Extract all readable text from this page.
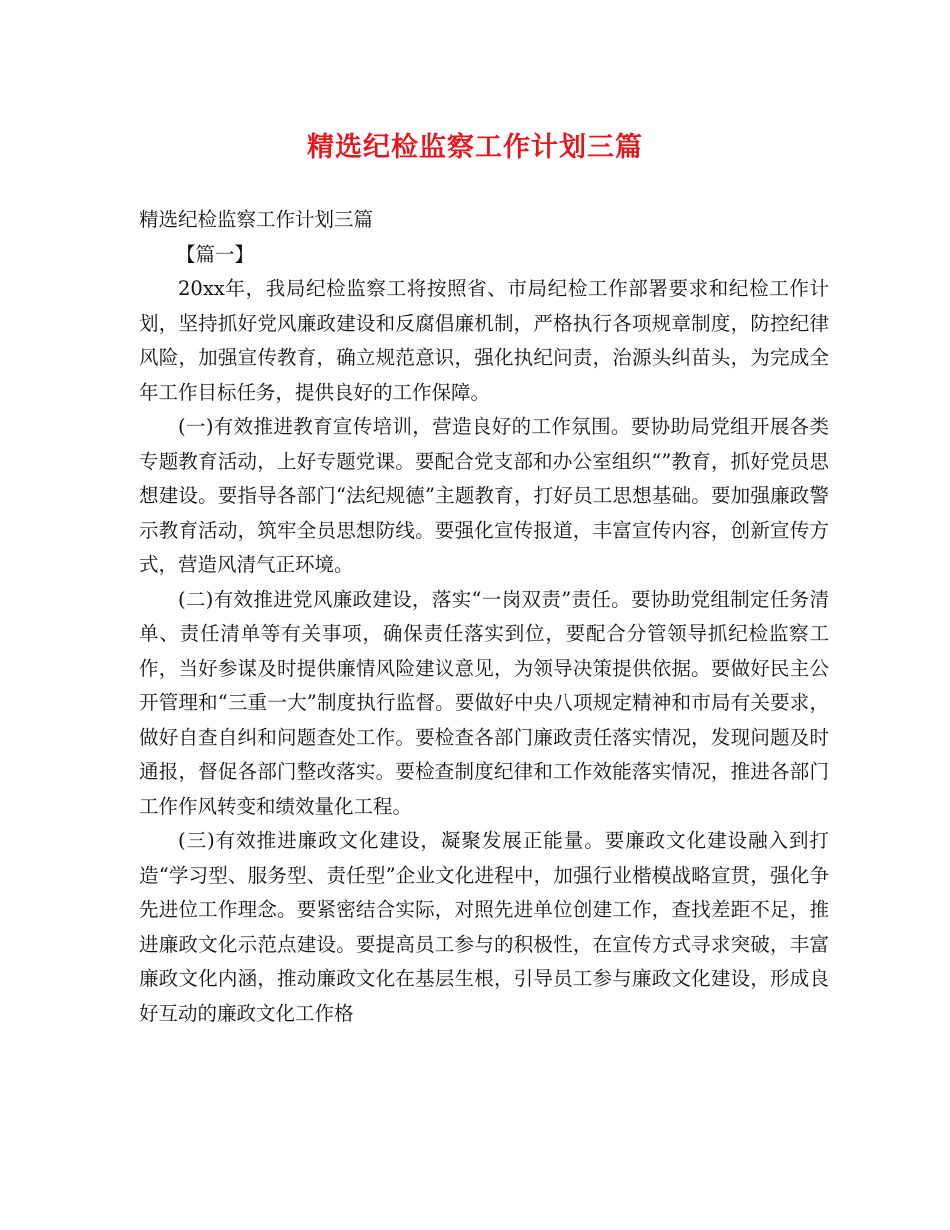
精选纪检监察工作计划三篇

精选纪检监察工作计划三篇

【篇一】

20xx年，我局纪检监察工将按照省、市局纪检工作部署要求和纪检工作计划，坚持抓好党风廉政建设和反腐倡廉机制，严格执行各项规章制度，防控纪律风险，加强宣传教育，确立规范意识，强化执纪问责，治源头纠苗头，为完成全年工作目标任务，提供良好的工作保障。

(一)有效推进教育宣传培训，营造良好的工作氛围。要协助局党组开展各类专题教育活动，上好专题党课。要配合党支部和办公室组织“”教育，抓好党员思想建设。要指导各部门“法纪规德”主题教育，打好员工思想基础。要加强廉政警示教育活动，筑牢全员思想防线。要强化宣传报道，丰富宣传内容，创新宣传方式，营造风清气正环境。

(二)有效推进党风廉政建设，落实“一岗双责”责任。要协助党组制定任务清单、责任清单等有关事项，确保责任落实到位，要配合分管领导抓纪检监察工作，当好参谋及时提供廉情风险建议意见，为领导决策提供依据。要做好民主公开管理和“三重一大”制度执行监督。要做好中央八项规定精神和市局有关要求，做好自查自纠和问题查处工作。要检查各部门廉政责任落实情况，发现问题及时通报，督促各部门整改落实。要检查制度纪律和工作效能落实情况，推进各部门工作作风转变和绩效量化工程。

(三)有效推进廉政文化建设，凝聚发展正能量。要廉政文化建设融入到打造“学习型、服务型、责任型”企业文化进程中，加强行业楷模战略宣贯，强化争先进位工作理念。要紧密结合实际，对照先进单位创建工作，查找差距不足，推进廉政文化示范点建设。要提高员工参与的积极性，在宣传方式寻求突破，丰富廉政文化内涵，推动廉政文化在基层生根，引导员工参与廉政文化建设，形成良好互动的廉政文化工作格
